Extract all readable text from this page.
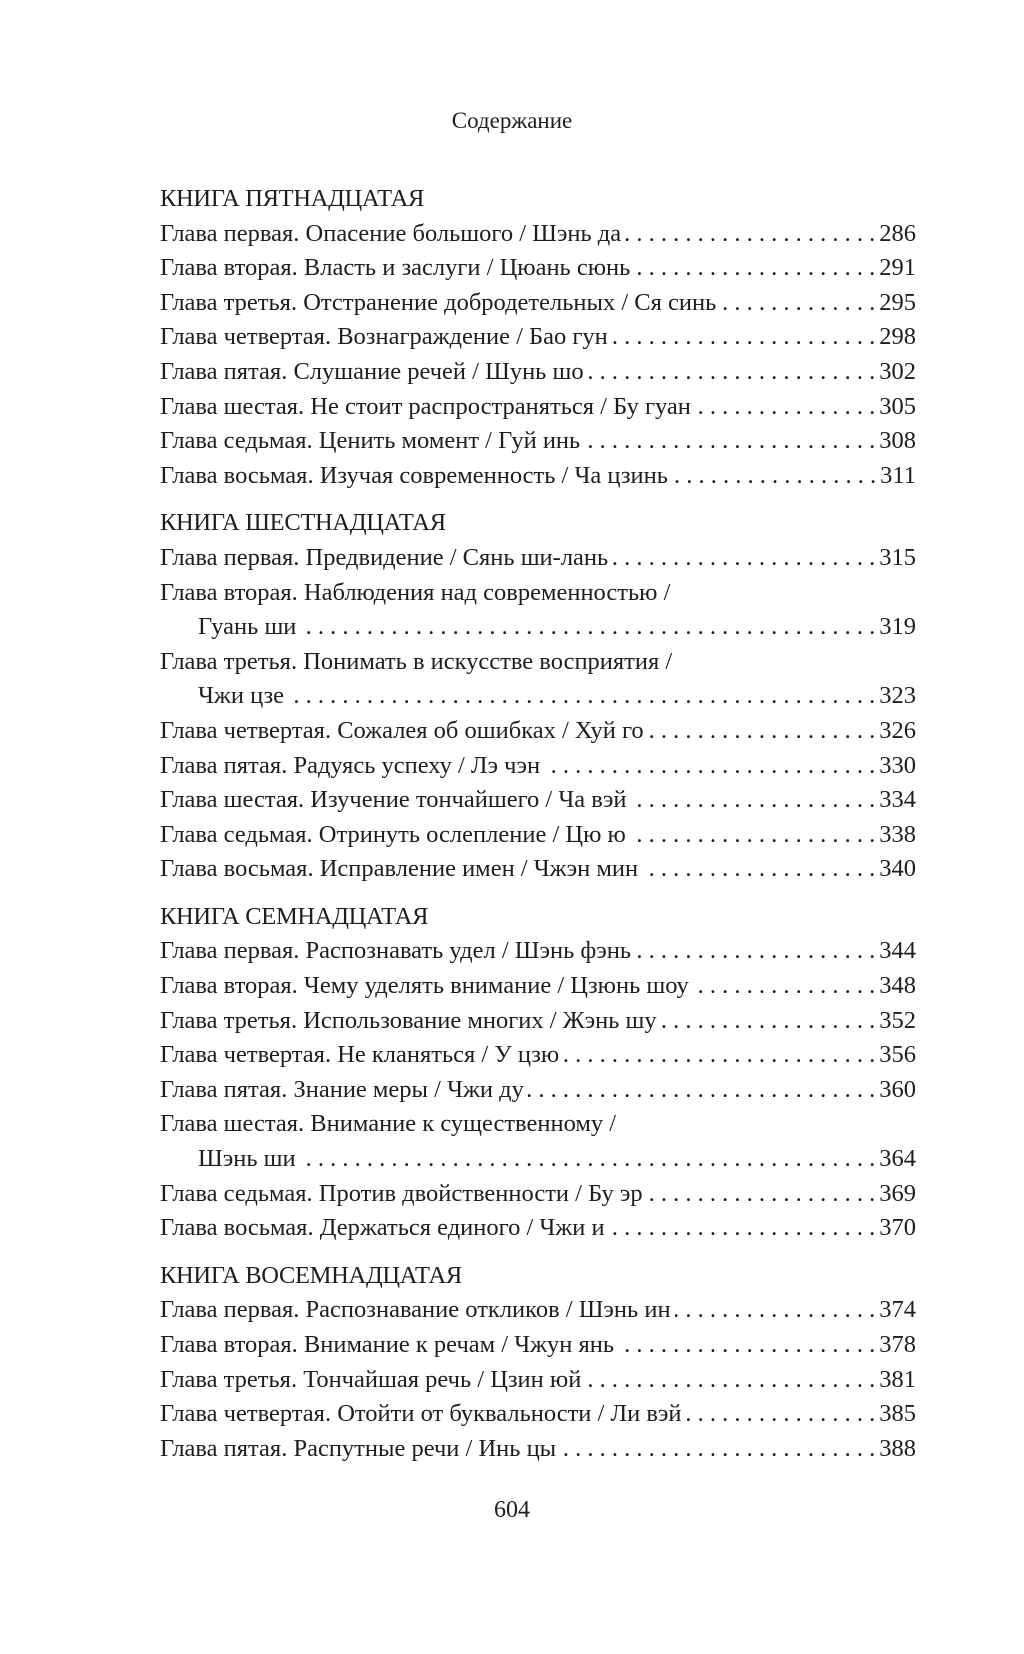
Содержание
КНИГА ПЯТНАДЦАТАЯ
Глава первая. Опасение большого / Шэнь да . . .	286
Глава вторая. Власть и заслуги / Цюань сюнь . . .	291
Глава третья. Отстранение добродетельных / Ся синь . . .	295
Глава четвертая. Вознаграждение / Бао гун . . .	298
Глава пятая. Слушание речей / Шунь шо . . .	302
Глава шестая. Не стоит распространяться / Бу гуан . . .	305
Глава седьмая. Ценить момент / Гуй инь . . .	308
Глава восьмая. Изучая современность / Ча цзинь . . .	311
КНИГА ШЕСТНАДЦАТАЯ
Глава первая. Предвидение / Сянь ши-лань . . .	315
Глава вторая. Наблюдения над современностью /
Гуань ши . . .	319
Глава третья. Понимать в искусстве восприятия /
Чжи цзе . . .	323
Глава четвертая. Сожалея об ошибках / Хуй го . . .	326
Глава пятая. Радуясь успеху / Лэ чэн . . .	330
Глава шестая. Изучение тончайшего / Ча вэй . . .	334
Глава седьмая. Отринуть ослепление / Цю ю . . .	338
Глава восьмая. Исправление имен / Чжэн мин . . .	340
КНИГА СЕМНАДЦАТАЯ
Глава первая. Распознавать удел / Шэнь фэнь . . .	344
Глава вторая. Чему уделять внимание / Цзюнь шоу . . .	348
Глава третья. Использование многих / Жэнь шу . . .	352
Глава четвертая. Не кланяться / У цзю . . .	356
Глава пятая. Знание меры / Чжи ду . . .	360
Глава шестая. Внимание к существенному /
Шэнь ши . . .	364
Глава седьмая. Против двойственности / Бу эр . . .	369
Глава восьмая. Держаться единого / Чжи и . . .	370
КНИГА ВОСЕМНАДЦАТАЯ
Глава первая. Распознавание откликов / Шэнь ин . . .	374
Глава вторая. Внимание к речам / Чжун янь . . .	378
Глава третья. Тончайшая речь / Цзин юй . . .	381
Глава четвертая. Отойти от буквальности / Ли вэй . . .	385
Глава пятая. Распутные речи / Инь цы . . .	388
604
